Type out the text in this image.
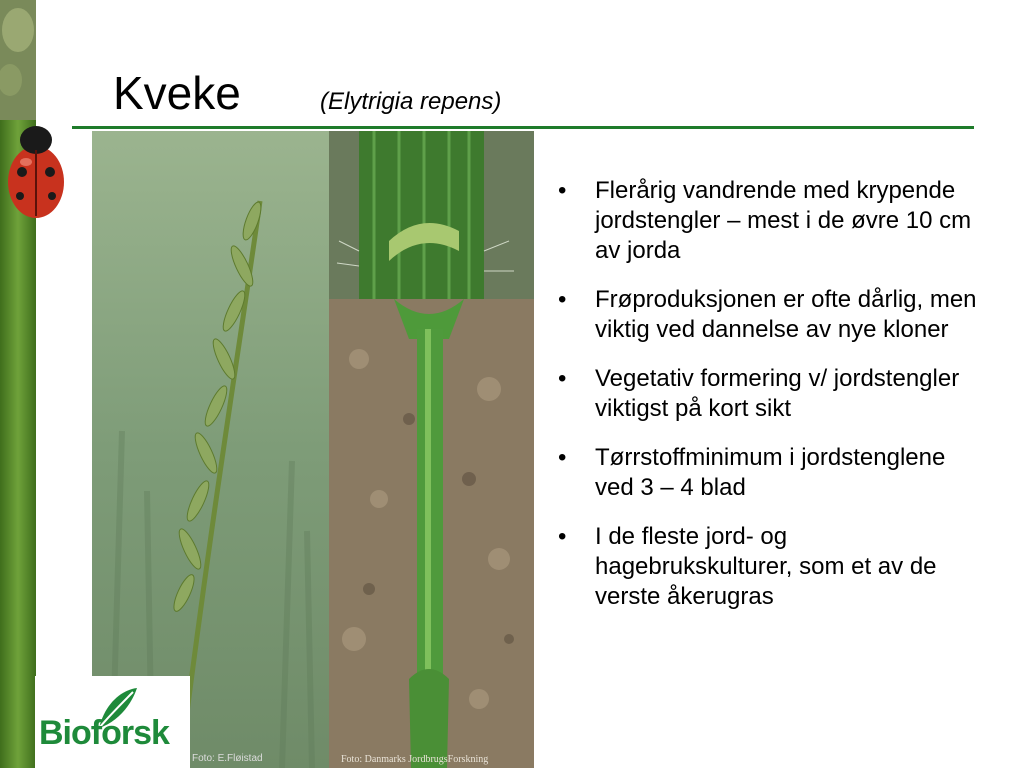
Kveke	(Elytrigia repens)
Foto: E.Fløistad	Foto: Danmarks JordbrugsForskning
Bioforsk
• Flerårig vandrende med krypende jordstengler – mest i de øvre 10 cm av jorda
• Frøproduksjonen er ofte dårlig, men viktig ved dannelse av nye kloner
• Vegetativ formering v/ jordstengler viktigst på kort sikt
• Tørrstoffminimum i jordstenglene ved 3 – 4 blad
• I de fleste jord- og hagebrukskulturer, som et av de verste åkerugras
